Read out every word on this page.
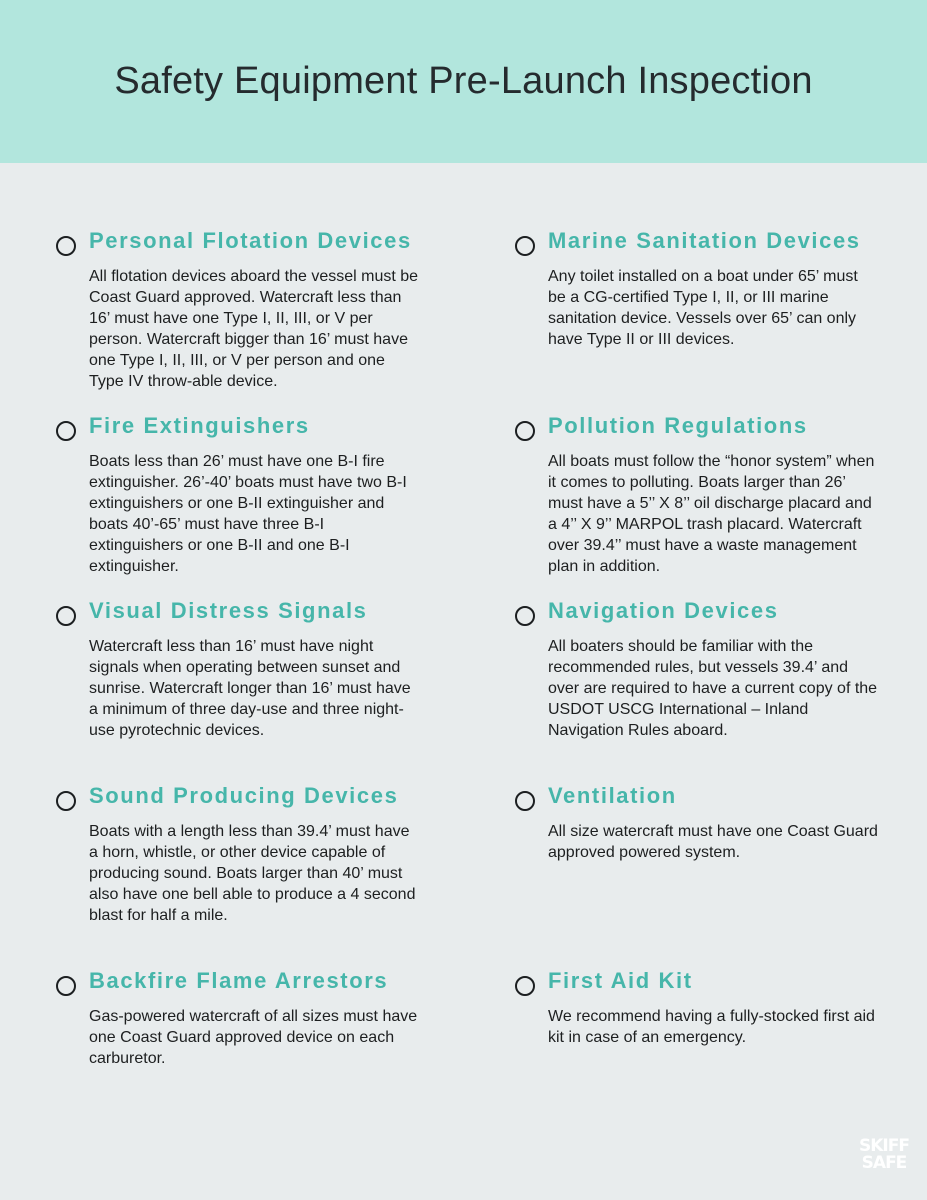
Safety Equipment Pre-Launch Inspection
Personal Flotation Devices
All flotation devices aboard the vessel must be Coast Guard approved. Watercraft less than 16’ must have one Type I, II, III, or V per person. Watercraft bigger than 16’ must have one Type I, II, III, or V per person and one Type IV throw-able device.
Fire Extinguishers
Boats less than 26’ must have one B-I fire extinguisher. 26’-40’ boats must have two B-I extinguishers or one B-II extinguisher and boats 40’-65’ must have three B-I extinguishers or one B-II and one B-I extinguisher.
Visual Distress Signals
Watercraft less than 16’ must have night signals when operating between sunset and sunrise. Watercraft longer than 16’ must have a minimum of three day-use and three night-use pyrotechnic devices.
Sound Producing Devices
Boats with a length less than 39.4’ must have a horn, whistle, or other device capable of producing sound. Boats larger than 40’ must also have one bell able to produce a 4 second blast for half a mile.
Backfire Flame Arrestors
Gas-powered watercraft of all sizes must have one Coast Guard approved device on each carburetor.
Marine Sanitation Devices
Any toilet installed on a boat under 65’ must be a CG-certified Type I, II, or III marine sanitation device. Vessels over 65’ can only have Type II or III devices.
Pollution Regulations
All boats must follow the “honor system” when it comes to polluting. Boats larger than 26’ must have a 5’’ X 8’’ oil discharge placard and a 4’’ X 9’’ MARPOL trash placard. Watercraft over 39.4’’ must have a waste management plan in addition.
Navigation Devices
All boaters should be familiar with the recommended rules, but vessels 39.4’ and over are required to have a current copy of the USDOT USCG International – Inland Navigation Rules aboard.
Ventilation
All size watercraft must have one Coast Guard approved powered system.
First Aid Kit
We recommend having a fully-stocked first aid kit in case of an emergency.
SKIFF
SAFE
